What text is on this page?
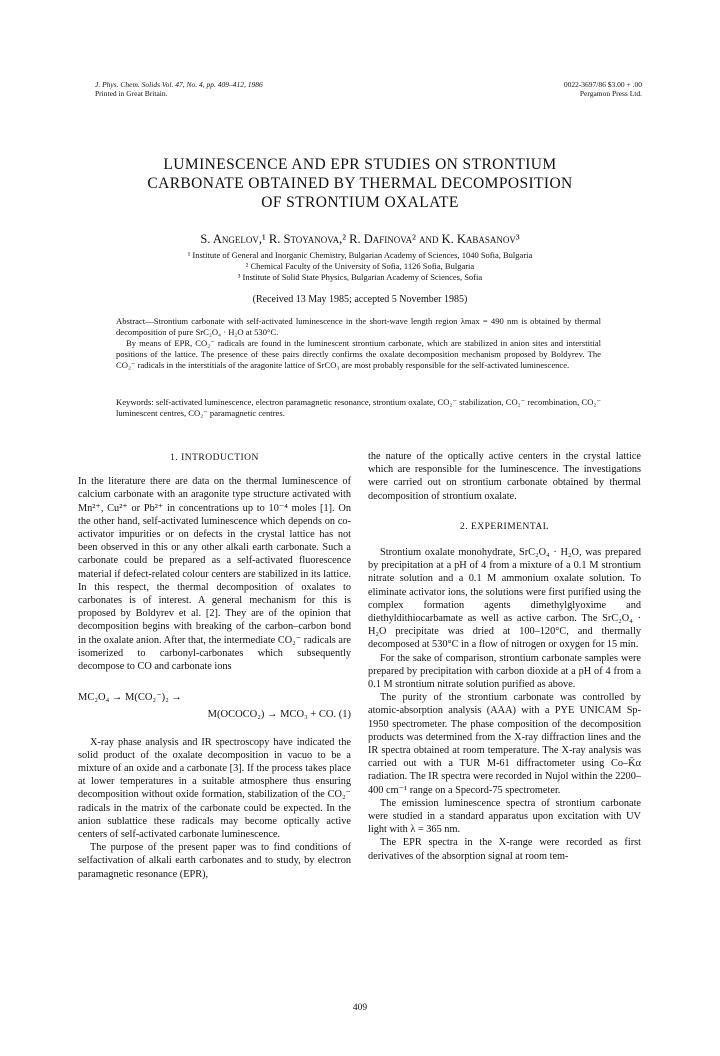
J. Phys. Chem. Solids Vol. 47, No. 4, pp. 409–412, 1986
Printed in Great Britain.
0022-3697/86 $3.00 + .00
Pergamon Press Ltd.
LUMINESCENCE AND EPR STUDIES ON STRONTIUM
CARBONATE OBTAINED BY THERMAL DECOMPOSITION
OF STRONTIUM OXALATE
S. Angelov,¹ R. Stoyanova,² R. Dafinova² and K. Kabasanov³
¹ Institute of General and Inorganic Chemistry, Bulgarian Academy of Sciences, 1040 Sofia, Bulgaria
² Chemical Faculty of the University of Sofia, 1126 Sofia, Bulgaria
³ Institute of Solid State Physics, Bulgarian Academy of Sciences, Sofia
(Received 13 May 1985; accepted 5 November 1985)

Abstract—Strontium carbonate with self-activated luminescence in the short-wave length region λmax = 490 nm is obtained by thermal decomposition of pure SrC₂O₄ · H₂O at 530°C.

By means of EPR, CO₂⁻ radicals are found in the luminescent strontium carbonate, which are stabilized in anion sites and interstitial positions of the lattice. The presence of these pairs directly confirms the oxalate decomposition mechanism proposed by Boldyrev. The CO₂⁻ radicals in the interstitials of the aragonite lattice of SrCO₃ are most probably responsible for the self-activated luminescence.

Keywords: self-activated luminescence, electron paramagnetic resonance, strontium oxalate, CO₂⁻ stabilization, CO₂⁻ recombination, CO₂⁻ luminescent centres, CO₂⁻ paramagnetic centres.
1. INTRODUCTION

In the literature there are data on the thermal luminescence of calcium carbonate with an aragonite type structure activated with Mn²⁺, Cu²⁺ or Pb²⁺ in concentrations up to 10⁻⁴ moles [1]. On the other hand, self-activated luminescence which depends on co-activator impurities or on defects in the crystal lattice has not been observed in this or any other alkali earth carbonate. Such a carbonate could be prepared as a self-activated fluorescence material if defect-related colour centers are stabilized in its lattice. In this respect, the thermal decomposition of oxalates to carbonates is of interest. A general mechanism for this is proposed by Boldyrev et al. [2]. They are of the opinion that decomposition begins with breaking of the carbon–carbon bond in the oxalate anion. After that, the intermediate CO₂⁻ radicals are isomerized to carbonyl-carbonates which subsequently decompose to CO and carbonate ions

MC₂O₄ → M(CO₂⁻)₂ →
M(OCOCO₂) → MCO₃ + CO. (1)

X-ray phase analysis and IR spectroscopy have indicated the solid product of the oxalate decomposition in vacuo to be a mixture of an oxide and a carbonate [3]. If the process takes place at lower temperatures in a suitable atmosphere thus ensuring decomposition without oxide formation, stabilization of the CO₂⁻ radicals in the matrix of the carbonate could be expected. In the anion sublattice these radicals may become optically active centers of self-activated carbonate luminescence.

The purpose of the present paper was to find conditions of selfactivation of alkali earth carbonates and to study, by electron paramagnetic resonance (EPR),

the nature of the optically active centers in the crystal lattice which are responsible for the luminescence. The investigations were carried out on strontium carbonate obtained by thermal decomposition of strontium oxalate.

2. EXPERIMENTAL

Strontium oxalate monohydrate, SrC₂O₄ · H₂O, was prepared by precipitation at a pH of 4 from a mixture of a 0.1 M strontium nitrate solution and a 0.1 M ammonium oxalate solution. To eliminate activator ions, the solutions were first purified using the complex formation agents dimethylglyoxime and diethyldithiocarbamate as well as active carbon. The SrC₂O₄ · H₂O precipitate was dried at 100–120°C, and thermally decomposed at 530°C in a flow of nitrogen or oxygen for 15 min.

For the sake of comparison, strontium carbonate samples were prepared by precipitation with carbon dioxide at a pH of 4 from a 0.1 M strontium nitrate solution purified as above.

The purity of the strontium carbonate was controlled by atomic-absorption analysis (AAA) with a PYE UNICAM Sp-1950 spectrometer. The phase composition of the decomposition products was determined from the X-ray diffraction lines and the IR spectra obtained at room temperature. The X-ray analysis was carried out with a TUR M-61 diffractometer using Co–K̄α radiation. The IR spectra were recorded in Nujol within the 2200–400 cm⁻¹ range on a Specord-75 spectrometer.

The emission luminescence spectra of strontium carbonate were studied in a standard apparatus upon excitation with UV light with λ = 365 nm.

The EPR spectra in the X-range were recorded as first derivatives of the absorption signal at room tem-

409
